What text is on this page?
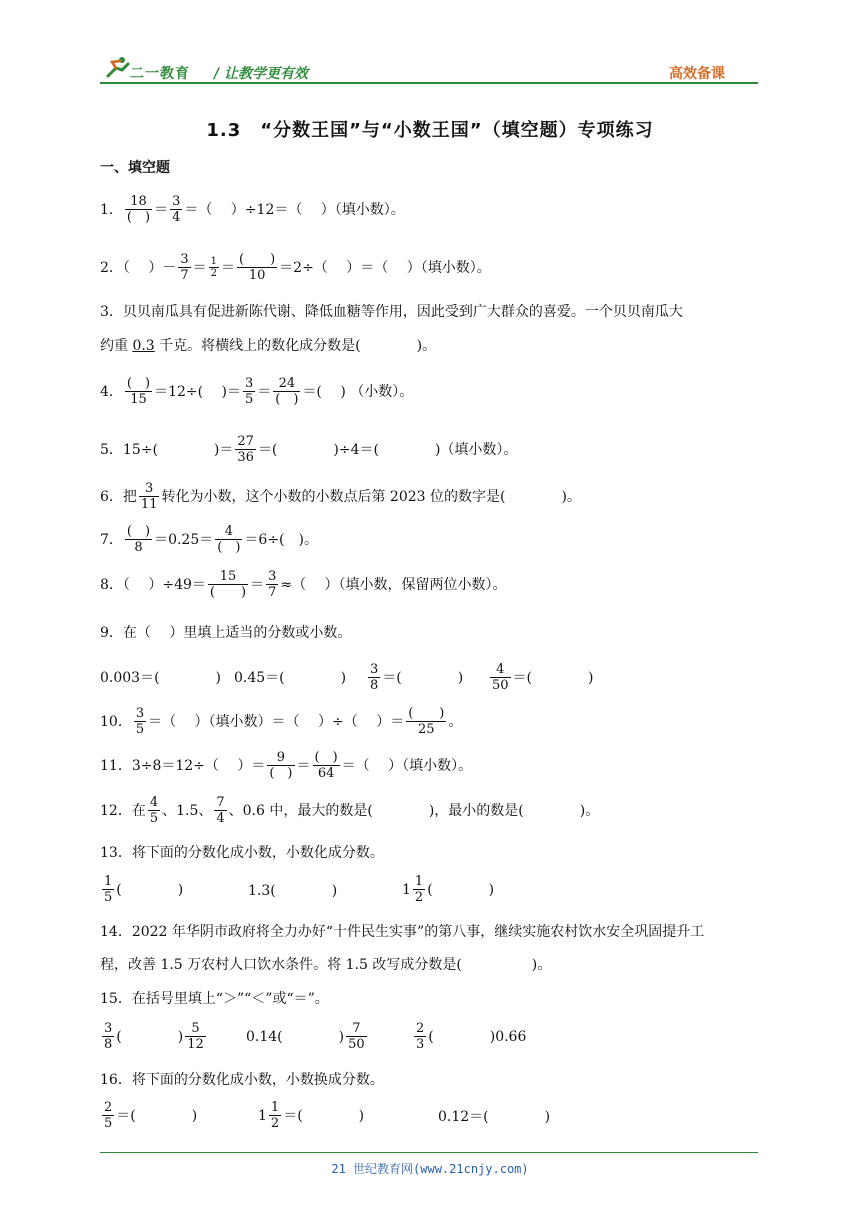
二一教育 / 让教学更有效	高效备课
1.3　“分数王国”与“小数王国”（填空题）专项练习
一、填空题
1． $\frac{18}{( )} = \frac{3}{4}$ ＝（　 ）÷12＝（　 ）（填小数）。
2．（　 ）－ $\frac{3}{7} = \frac{1}{2} = \frac{( )}{10} =2\div$（　 ）＝（　 ）（填小数）。
3．贝贝南瓜具有促进新陈代谢、降低血糖等作用，因此受到广大群众的喜爱。一个贝贝南瓜大
约重 0.3 千克。将横线上的数化成分数是(　　　　)。
4． $\frac{( )}{15} =12\div$(　 )＝ $\frac{3}{5} = \frac{24}{( )}$ ＝(　 ) （小数）。
5．15÷(　　　　)＝ $\frac{27}{36}$ ＝(　　　　)÷4＝(　　　　)（填小数）。
6．把 $\frac{3}{11}$ 转化为小数，这个小数的小数点后第 2023 位的数字是(　　　　)。
7． $\frac{( )}{8} =0.25= \frac{4}{( )} =6\div$(　)。
8．（　 ）$\div 49= \frac{15}{( )} = \frac{3}{7}$ ≈（　 ）（填小数，保留两位小数）。
9．在（　 ）里填上适当的分数或小数。
0.003＝(　　　　) 0.45＝(　　　　) $\frac{3}{8}$ ＝(　　　　) $\frac{4}{50}$ ＝(　　　　)
10． $\frac{3}{5}$ ＝（　 ）（填小数）＝（　 ）÷（　 ）＝ $\frac{( )}{25}$ 。
11．3÷8＝12÷（　 ）＝ $\frac{9}{( )} = \frac{( )}{64}$ ＝（　 ）（填小数）。
12．在 $\frac{4}{5}$ 、1.5、 $\frac{7}{4}$ 、0.6 中，最大的数是(　　　　)，最小的数是(　　　　)。
13．将下面的分数化成小数，小数化成分数。
$\frac{1}{5}$ (　　　　)	1.3(　　　　)	$1 \frac{1}{2}$ (　　　　)
14．2022 年华阴市政府将全力办好“十件民生实事”的第八事，继续实施农村饮水安全巩固提升工
程，改善 1.5 万农村人口饮水条件。将 1.5 改写成分数是(　　　　　)。
15．在括号里填上“＞”“＜”或“＝”。
$\frac{3}{8}$ (　　　　) $\frac{5}{12}$	0.14(　　　　) $\frac{7}{50}$	$\frac{2}{3}$ (　　　　)0.66
16．将下面的分数化成小数，小数换成分数。
$\frac{2}{5}$ ＝(　　　　)	$1 \frac{1}{2}$ ＝(　　　　)	0.12＝(　　　　)
21 世纪教育网(www.21cnjy.com)
